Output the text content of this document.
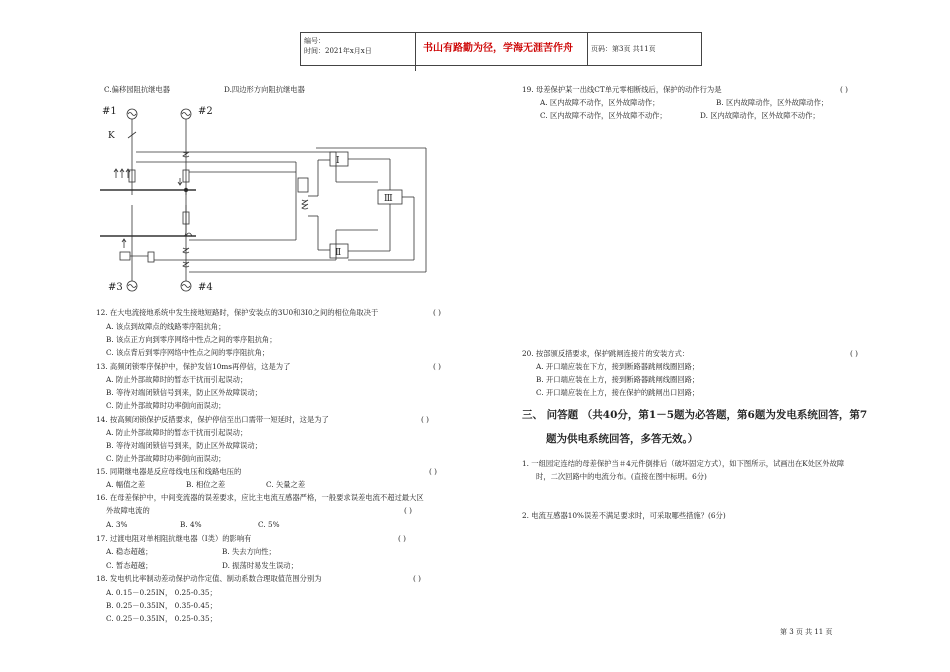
编号：
时间：2021年x月x日	书山有路勤为径，学海无涯苦作舟	页码：第3页 共11页
C.偏移园阻抗继电器	D.四边形方向阻抗继电器
#1	#2
#3	#4
K
Ⅰ
Ⅱ
Ⅲ
12. 在大电流接地系统中发生接地短路时，保护安装点的3U0和3I0之间的相位角取决于	( )
A. 该点到故障点的线路零序阻抗角；
B. 该点正方向到零序网络中性点之间的零序阻抗角；
C. 该点背后到零序网络中性点之间的零序阻抗角；
13. 高频闭锁零序保护中，保护发信10ms再停信，这是为了	( )
A. 防止外部故障时的暂态干扰而引起误动；
B. 等待对端闭锁信号到来，防止区外故障误动；
C. 防止外部故障时功率倒向而误动；
14. 按高频闭锁保护反措要求，保护停信至出口需带一短延时，这是为了	( )
A. 防止外部故障时的暂态干扰而引起误动；
B. 等待对端闭锁信号到来，防止区外故障误动；
C. 防止外部故障时功率倒向而误动；
15. 同期继电器是反应母线电压和线路电压的	( )
A. 幅值之差	B. 相位之差	C. 矢量之差
16. 在母差保护中，中间变流器的误差要求，应比主电流互感器严格，一般要求误差电流不超过最大区
外故障电流的	( )
A. 3%	B. 4%	C. 5%
17. 过渡电阻对单相阻抗继电器（Ⅰ类）的影响有	( )
A. 稳态超越；	B. 失去方向性；
C. 暂态超越；	D. 振荡时易发生误动；
18. 发电机比率制动差动保护动作定值、制动系数合理取值范围分别为	( )
A. 0.15－0.25IN， 0.25-0.35；
B. 0.25－0.35IN， 0.35-0.45；
C. 0.25－0.35IN， 0.25-0.35；
19. 母差保护某一出线CT单元零相断线后，保护的动作行为是	( )
A. 区内故障不动作，区外故障动作；	B. 区内故障动作，区外故障动作；
C. 区内故障不动作，区外故障不动作；	D. 区内故障动作，区外故障不动作；
20. 按部颁反措要求，保护跳闸连接片的安装方式：	( )
A. 开口端应装在下方，接到断路器跳闸线圈回路；
B. 开口端应装在上方，接到断路器跳闸线圈回路；
C. 开口端应装在上方，接在保护的跳闸出口回路；
三、 问答题 （共40分，第1－5题为必答题，第6题为发电系统回答，第7
题为供电系统回答，多答无效。）
1. 一组园定连结的母差保护当＃4元件倒排后（破坏固定方式），如下图所示，试画出在K处区外故障
时，二次回路中的电流分布。(直接在图中标明。6分)
2. 电流互感器10%误差不满足要求时，可采取哪些措施？(6分)
第 3 页 共 11 页
